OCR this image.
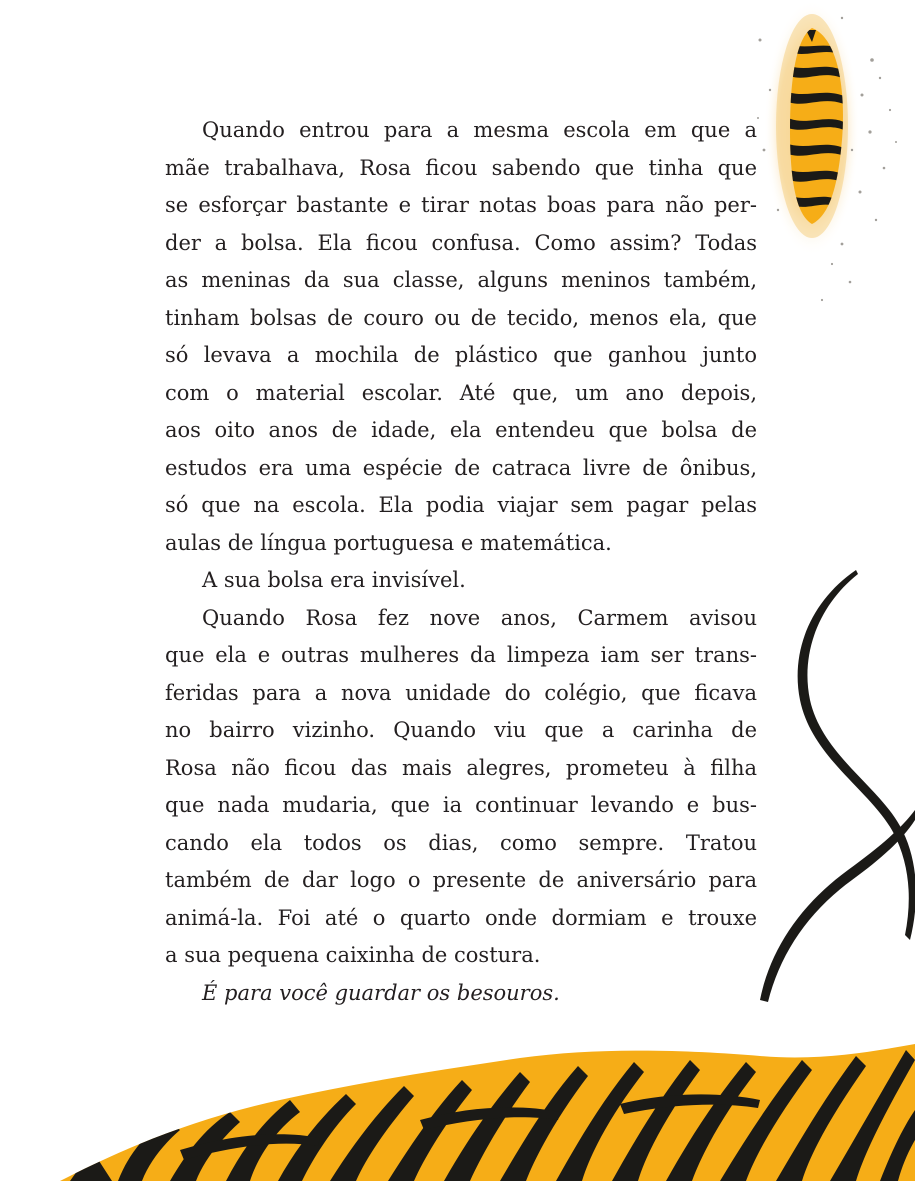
Quando entrou para a mesma escola em que a
mãe trabalhava, Rosa ficou sabendo que tinha que
se esforçar bastante e tirar notas boas para não per-
der a bolsa. Ela ficou confusa. Como assim? Todas
as meninas da sua classe, alguns meninos também,
tinham bolsas de couro ou de tecido, menos ela, que
só levava a mochila de plástico que ganhou junto
com o material escolar. Até que, um ano depois,
aos oito anos de idade, ela entendeu que bolsa de
estudos era uma espécie de catraca livre de ônibus,
só que na escola. Ela podia viajar sem pagar pelas
aulas de língua portuguesa e matemática.
A sua bolsa era invisível.
Quando Rosa fez nove anos, Carmem avisou
que ela e outras mulheres da limpeza iam ser trans-
feridas para a nova unidade do colégio, que ficava
no bairro vizinho. Quando viu que a carinha de
Rosa não ficou das mais alegres, prometeu à filha
que nada mudaria, que ia continuar levando e bus-
cando ela todos os dias, como sempre. Tratou
também de dar logo o presente de aniversário para
animá-la. Foi até o quarto onde dormiam e trouxe
a sua pequena caixinha de costura.
É para você guardar os besouros.
